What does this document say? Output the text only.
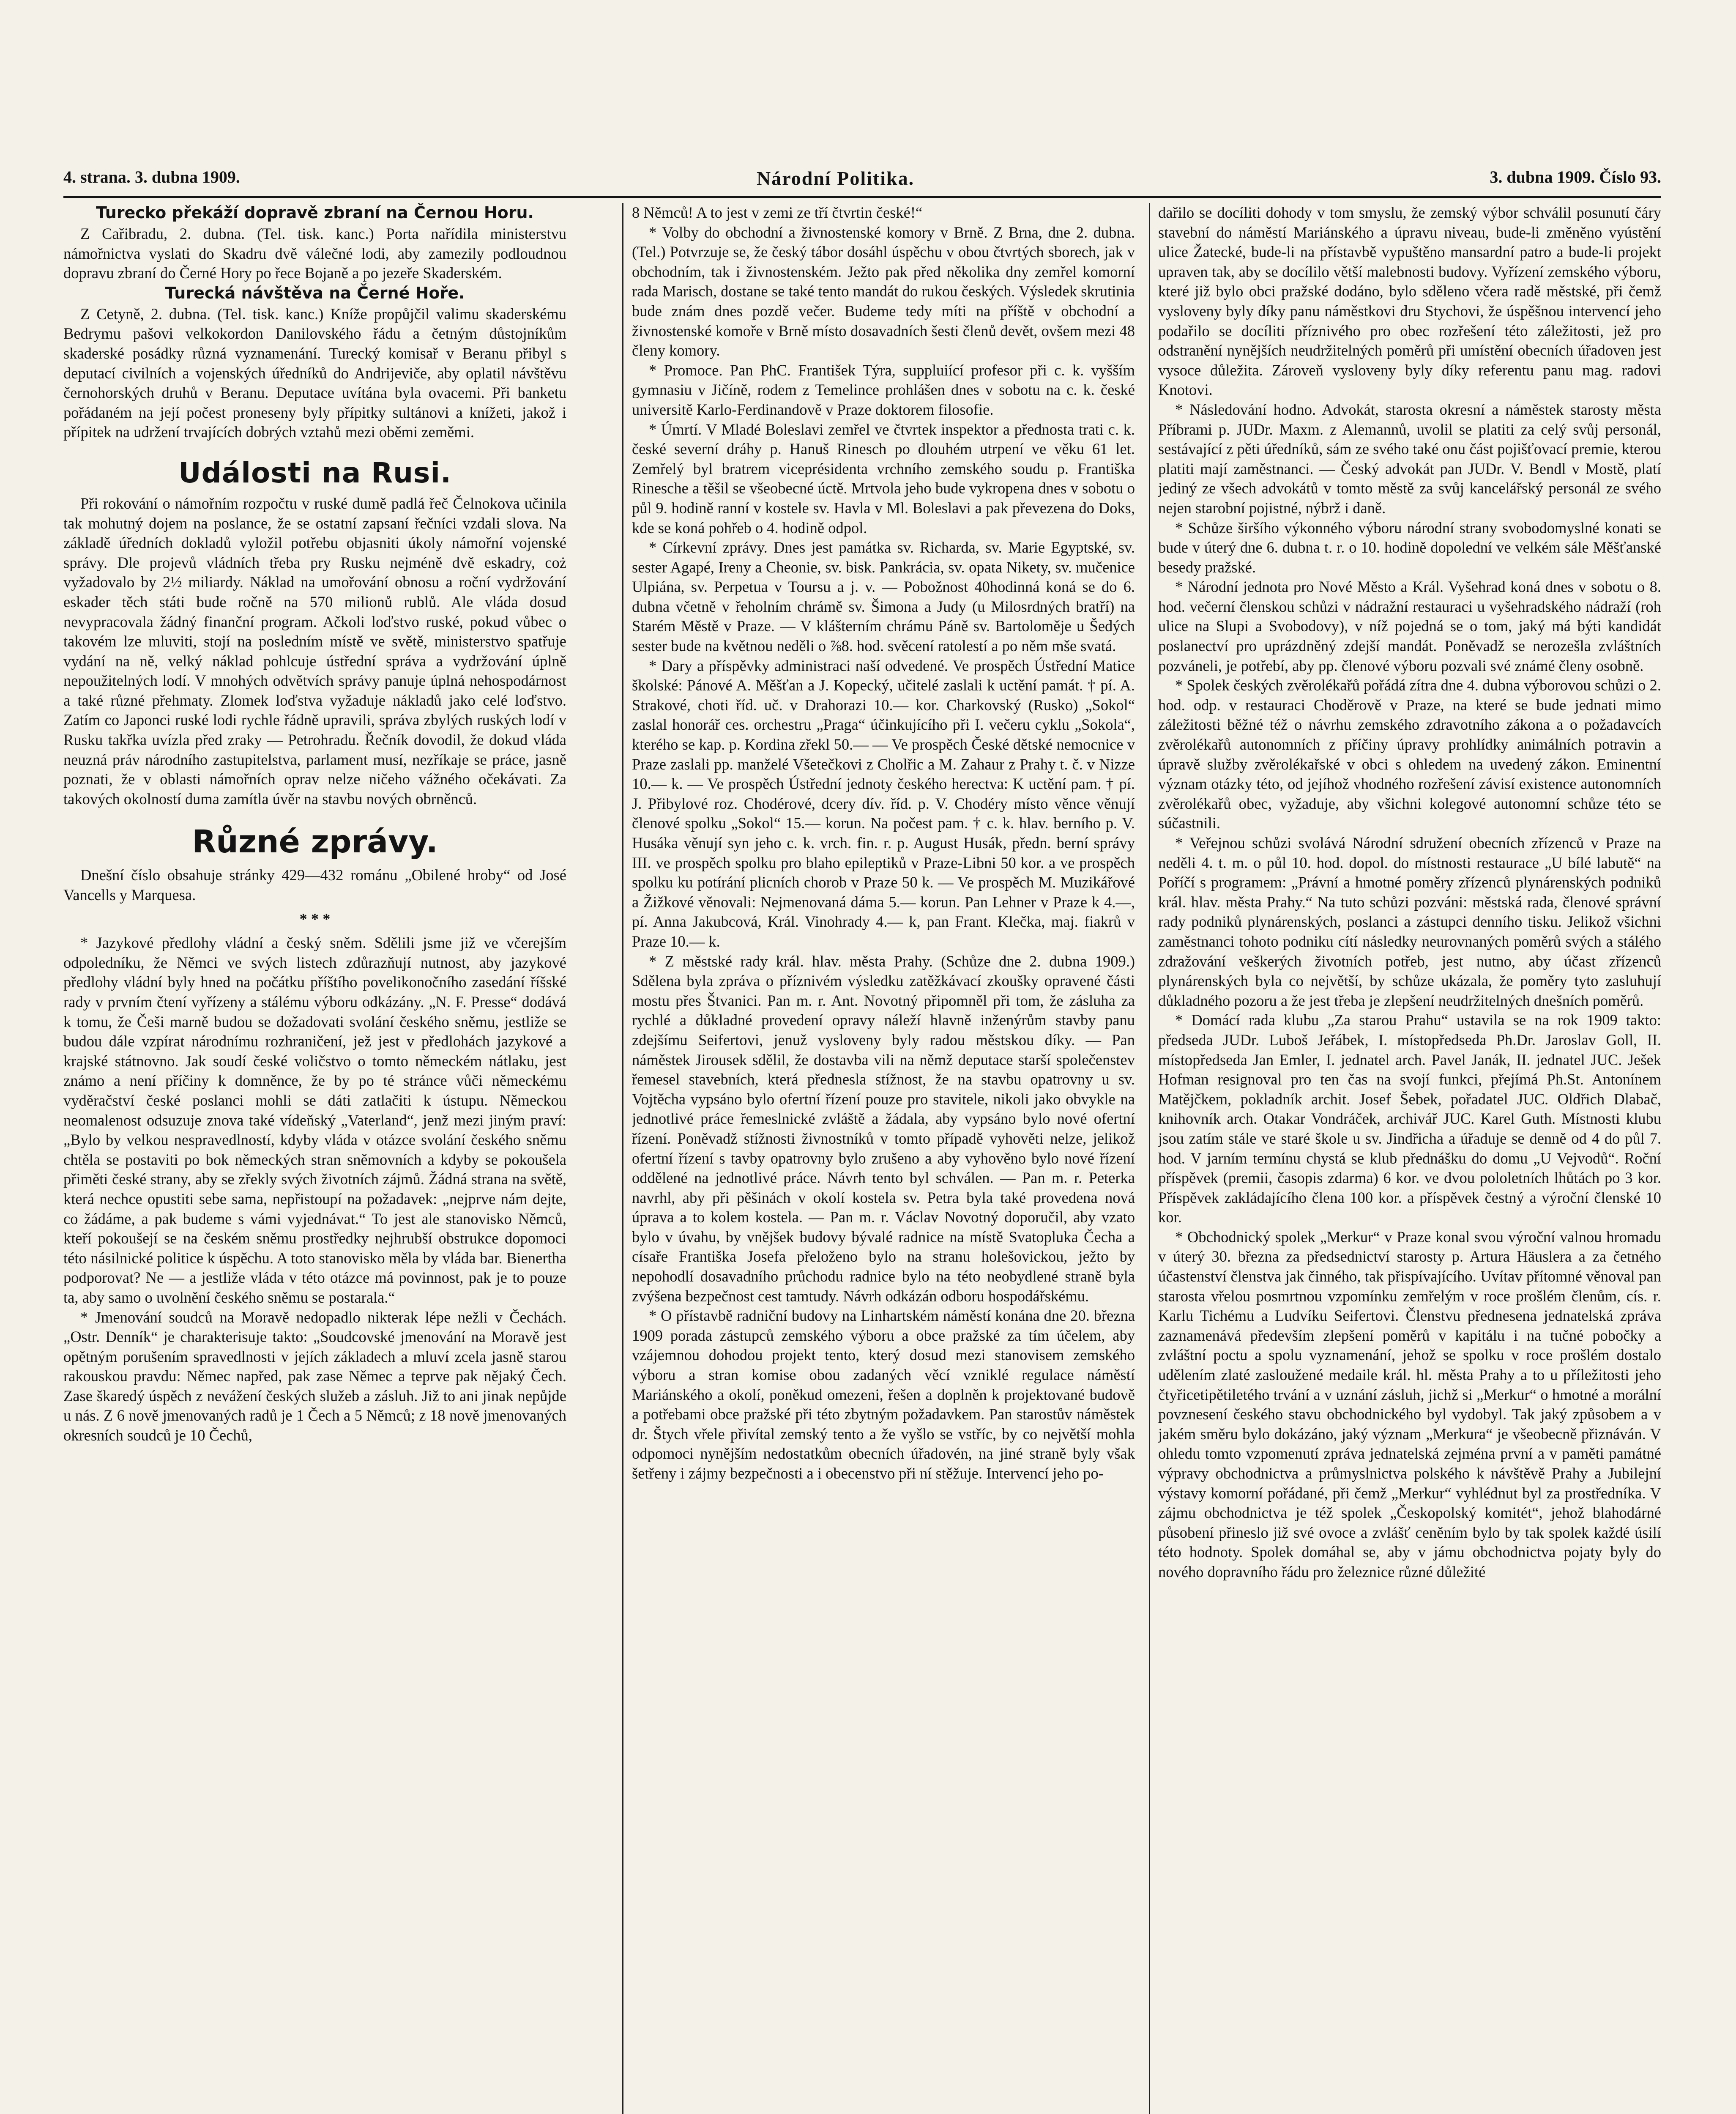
4. strana. 3. dubna 1909.	Národní Politika.	3. dubna 1909. Číslo 93.
Turecko překáží dopravě zbraní na Černou Horu.

Z Cařibradu, 2. dubna. (Tel. tisk. kanc.) Porta nařídila ministerstvu námořnictva vyslati do Skadru dvě válečné lodi, aby zamezily podloudnou dopravu zbraní do Černé Hory po řece Bojaně a po jezeře Skaderském.

Turecká návštěva na Černé Hoře.

Z Cetyně, 2. dubna. (Tel. tisk. kanc.) Kníže propůjčil valimu skaderskému Bedrymu pašovi velkokordon Danilovského řádu a četným důstojníkům skaderské posádky různá vyznamenání. Turecký komisař v Beranu přibyl s deputací civilních a vojenských úředníků do Andrijeviče, aby oplatil návštěvu černohorských druhů v Beranu. Deputace uvítána byla ovacemi. Při banketu pořádaném na její počest proneseny byly přípitky sultánovi a knížeti, jakož i přípitek na udržení trvajících dobrých vztahů mezi oběmi zeměmi.

Události na Rusi.

Při rokování o námořním rozpočtu v ruské dumě padlá řeč Čelnokova učinila tak mohutný dojem na poslance, že se ostatní zapsaní řečníci vzdali slova. Na základě úředních dokladů vyložil potřebu objasniti úkoly námořní vojenské správy. Dle projevů vládních třeba pry Rusku nejméně dvě eskadry, coż vyžadovalo by 2½ miliardy. Náklad na umořování obnosu a roční vydržování eskader těch státi bude ročně na 570 milionů rublů. Ale vláda dosud nevypracovala žádný finanční program. Ačkoli loďstvo ruské, pokud vůbec o takovém lze mluviti, stojí na posledním místě ve světě, ministerstvo spatřuje vydání na ně, velký náklad pohlcuje ústřední správa a vydržování úplně nepoužitelných lodí. V mnohých odvětvích správy panuje úplná nehospodárnost a také různé přehmaty. Zlomek loďstva vyžaduje nákladů jako celé loďstvo. Zatím co Japonci ruské lodi rychle řádně upravili, správa zbylých ruských lodí v Rusku takřka uvízla před zraky — Petrohradu. Řečník dovodil, že dokud vláda neuzná práv národního zastupitelstva, parlament musí, nezříkaje se práce, jasně poznati, že v oblasti námořních oprav nelze ničeho vážného očekávati. Za takových okolností duma zamítla úvěr na stavbu nových obrněnců.

Různé zprávy.

Dnešní číslo obsahuje stránky 429—432 románu „Obilené hroby“ od José Vancells y Marquesa.

* * *

* Jazykové předlohy vládní a český sněm. Sdělili jsme již ve včerejším odpoledníku, že Němci ve svých listech zdůrazňují nutnost, aby jazykové předlohy vládní byly hned na počátku příštího povelikonočního zasedání říšské rady v prvním čtení vyřízeny a stálému výboru odkázány. „N. F. Presse“ dodává k tomu, že Češi marně budou se dožadovati svolání českého sněmu, jestliže se budou dále vzpírat národnímu rozhraničení, jež jest v předlohách jazykové a krajské státnovno. Jak soudí české voličstvo o tomto německém nátlaku, jest známo a není příčiny k domněnce, že by po té stránce vůči německému vyděračství české poslanci mohli se dáti zatlačiti k ústupu. Německou neomalenost odsuzuje znova také vídeňský „Vaterland“, jenž mezi jiným praví: „Bylo by velkou nespravedlností, kdyby vláda v otázce svolání českého sněmu chtěla se postaviti po bok německých stran sněmovních a kdyby se pokoušela přiměti české strany, aby se zřekly svých životních zájmů. Žádná strana na světě, která nechce opustiti sebe sama, nepřistoupí na požadavek: „nejprve nám dejte, co žádáme, a pak budeme s vámi vyjednávat.“ To jest ale stanovisko Němců, kteří pokoušejí se na českém sněmu prostředky nejhrubší obstrukce dopomoci této násilnické politice k úspěchu. A toto stanovisko měla by vláda bar. Bienertha podporovat? Ne — a jestliže vláda v této otázce má povinnost, pak je to pouze ta, aby samo o uvolnění českého sněmu se postarala.“

* Jmenování soudců na Moravě nedopadlo nikterak lépe nežli v Čechách. „Ostr. Denník“ je charakterisuje takto: „Soudcovské jmenování na Moravě jest opětným porušením spravedlnosti v jejích základech a mluví zcela jasně starou rakouskou pravdu: Němec napřed, pak zase Němec a teprve pak nějaký Čech. Zase škaredý úspěch z nevážení českých služeb a zásluh. Již to ani jinak nepůjde u nás. Z 6 nově jmenovaných radů je 1 Čech a 5 Němců; z 18 nově jmenovaných okresních soudců je 10 Čechů,

8 Němců! A to jest v zemi ze tří čtvrtin české!“

* Volby do obchodní a živnostenské komory v Brně. Z Brna, dne 2. dubna. (Tel.) Potvrzuje se, že český tábor dosáhl úspěchu v obou čtvrtých sborech, jak v obchodním, tak i živnostenském. Ježto pak před několika dny zemřel komorní rada Marisch, dostane se také tento mandát do rukou českých. Výsledek skrutinia bude znám dnes pozdě večer. Budeme tedy míti na příště v obchodní a živnostenské komoře v Brně místo dosavadních šesti členů devět, ovšem mezi 48 členy komory.

* Promoce. Pan PhC. František Týra, suppluiící profesor při c. k. vyšším gymnasiu v Jičíně, rodem z Temelince prohlášen dnes v sobotu na c. k. české universitě Karlo-Ferdinandově v Praze doktorem filosofie.

* Úmrtí. V Mladé Boleslavi zemřel ve čtvrtek inspektor a přednosta trati c. k. české severní dráhy p. Hanuš Rinesch po dlouhém utrpení ve věku 61 let. Zemřelý byl bratrem viceprésidenta vrchního zemského soudu p. Františka Rinesche a těšil se všeobecné úctě. Mrtvola jeho bude vykropena dnes v sobotu o půl 9. hodině ranní v kostele sv. Havla v Ml. Boleslavi a pak převezena do Doks, kde se koná pohřeb o 4. hodině odpol.

* Církevní zprávy. Dnes jest památka sv. Richarda, sv. Marie Egyptské, sv. sester Agapé, Ireny a Cheonie, sv. bisk. Pankrácia, sv. opata Nikety, sv. mučenice Ulpiána, sv. Perpetua v Toursu a j. v. — Pobožnost 40hodinná koná se do 6. dubna včetně v řeholním chrámě sv. Šimona a Judy (u Milosrdných bratří) na Starém Městě v Praze. — V klášterním chrámu Páně sv. Bartoloměje u Šedých sester bude na květnou neděli o ⅞8. hod. svěcení ratolestí a po něm mše svatá.

* Dary a příspěvky administraci naší odvedené. Ve prospěch Ústřední Matice školské: Pánové A. Měšťan a J. Kopecký, učitelé zaslali k uctění památ. † pí. A. Strakové, choti říd. uč. v Drahorazi 10.— kor. Charkovský (Rusko) „Sokol“ zaslal honorář ces. orchestru „Praga“ účinkujícího při I. večeru cyklu „Sokola“, kterého se kap. p. Kordina zřekl 50.— — Ve prospěch České dětské nemocnice v Praze zaslali pp. manželé Všetečkovi z Cholřic a M. Zahaur z Prahy t. č. v Nizze 10.— k. — Ve prospěch Ústřední jednoty českého herectva: K uctění pam. † pí. J. Přibylové roz. Chodérové, dcery dív. říd. p. V. Chodéry místo věnce věnují členové spolku „Sokol“ 15.— korun. Na počest pam. † c. k. hlav. berního p. V. Husáka věnují syn jeho c. k. vrch. fin. r. p. August Husák, předn. berní správy III. ve prospěch spolku pro blaho epileptiků v Praze-Libni 50 kor. a ve prospěch spolku ku potírání plicních chorob v Praze 50 k. — Ve prospěch M. Muzikářové a Žižkové věnovali: Nejmenovaná dáma 5.— korun. Pan Lehner v Praze k 4.—, pí. Anna Jakubcová, Král. Vinohrady 4.— k, pan Frant. Klečka, maj. fiakrů v Praze 10.— k.

* Z městské rady král. hlav. města Prahy. (Schůze dne 2. dubna 1909.) Sdělena byla zpráva o příznivém výsledku zatěžkávací zkoušky opravené části mostu přes Štvanici. Pan m. r. Ant. Novotný připomněl při tom, že zásluha za rychlé a důkladné provedení opravy náleží hlavně inženýrům stavby panu zdejšímu Seifertovi, jenuž vysloveny byly radou městskou díky. — Pan náměstek Jirousek sdělil, že dostavba vili na němž deputace starší společenstev řemesel stavebních, která přednesla stížnost, že na stavbu opatrovny u sv. Vojtěcha vypsáno bylo ofertní řízení pouze pro stavitele, nikoli jako obvykle na jednotlivé práce řemeslnické zvláště a žádala, aby vypsáno bylo nové ofertní řízení. Poněvadž stížnosti živnostníků v tomto případě vyhověti nelze, jelikož ofertní řízení s tavby opatrovny bylo zrušeno a aby vyhověno bylo nové řízení oddělené na jednotlivé práce. Návrh tento byl schválen. — Pan m. r. Peterka navrhl, aby při pěšinách v okolí kostela sv. Petra byla také provedena nová úprava a to kolem kostela. — Pan m. r. Václav Novotný doporučil, aby vzato bylo v úvahu, by vnějšek budovy bývalé radnice na místě Svatopluka Čecha a císaře Františka Josefa přeloženo bylo na stranu holešovickou, ježto by nepohodlí dosavadního průchodu radnice bylo na této neobydlené straně byla zvýšena bezpečnost cest tamtudy. Návrh odkázán odboru hospodářskému.

* O přístavbě radniční budovy na Linhartském náměstí konána dne 20. března 1909 porada zástupců zemského výboru a obce pražské za tím účelem, aby vzájemnou dohodou projekt tento, který dosud mezi stanovisem zemského výboru a stran komise obou zadaných věcí vzniklé regulace náměstí Mariánského a okolí, poněkud omezeni, řešen a doplněn k projektované budově a potřebami obce pražské při této zbytným požadavkem. Pan starostův náměstek dr. Štych vřele přivítal zemský tento a že vyšlo se vstříc, by co největší mohla odpomoci nynějším nedostatkům obecních úřadovén, na jiné straně byly však šetřeny i zájmy bezpečnosti a i obecenstvo při ní stěžuje. Intervencí jeho po-

dařilo se docíliti dohody v tom smyslu, že zemský výbor schválil posunutí čáry stavební do náměstí Mariánského a úpravu niveau, bude-li změněno vyústění ulice Žatecké, bude-li na přístavbě vypuštěno mansardní patro a bude-li projekt upraven tak, aby se docílilo větší malebnosti budovy. Vyřízení zemského výboru, které již bylo obci pražské dodáno, bylo sděleno včera radě městské, při čemž vysloveny byly díky panu náměstkovi dru Stychovi, že úspěšnou intervencí jeho podařilo se docíliti příznivého pro obec rozřešení této záležitosti, jež pro odstranění nynějších neudržitelných poměrů při umístění obecních úřadoven jest vysoce důležita. Zároveň vysloveny byly díky referentu panu mag. radovi Knotovi.

* Následování hodno. Advokát, starosta okresní a náměstek starosty města Příbrami p. JUDr. Maxm. z Alemannů, uvolil se platiti za celý svůj personál, sestávající z pěti úředníků, sám ze svého také onu část pojišťovací premie, kterou platiti mají zaměstnanci. — Český advokát pan JUDr. V. Bendl v Mostě, platí jediný ze všech advokátů v tomto městě za svůj kancelářský personál ze svého nejen starobní pojistné, nýbrž i daně.

* Schůze širšího výkonného výboru národní strany svobodomyslné konati se bude v úterý dne 6. dubna t. r. o 10. hodině dopolední ve velkém sále Měšťanské besedy pražské.

* Národní jednota pro Nové Město a Král. Vyšehrad koná dnes v sobotu o 8. hod. večerní členskou schůzi v nádražní restauraci u vyšehradského nádraží (roh ulice na Slupi a Svobodovy), v níž pojedná se o tom, jaký má býti kandidát poslanectví pro uprázdněný zdejší mandát. Poněvadž se nerozešla zvláštních pozváneli, je potřebí, aby pp. členové výboru pozvali své známé členy osobně.

* Spolek českých zvěrolékařů pořádá zítra dne 4. dubna výborovou schůzi o 2. hod. odp. v restauraci Choděrově v Praze, na které se bude jednati mimo záležitosti běžné též o návrhu zemského zdravotního zákona a o požadavcích zvěrolékařů autonomních z příčiny úpravy prohlídky animálních potravin a úpravě služby zvěrolékařské v obci s ohledem na uvedený zákon. Eminentní význam otázky této, od jejíhož vhodného rozřešení závisí existence autonomních zvěrolékařů obec, vyžaduje, aby všichni kolegové autonomní schůze této se súčastnili.

* Veřejnou schůzi svolává Národní sdružení obecních zřízenců v Praze na neděli 4. t. m. o půl 10. hod. dopol. do místnosti restaurace „U bílé labutě“ na Poříčí s programem: „Právní a hmotné poměry zřízenců plynárenských podniků král. hlav. města Prahy.“ Na tuto schůzi pozváni: městská rada, členové správní rady podniků plynárenských, poslanci a zástupci denního tisku. Jelikož všichni zaměstnanci tohoto podniku cítí následky neurovnaných poměrů svých a stálého zdražování veškerých životních potřeb, jest nutno, aby účast zřízenců plynárenských byla co největší, by schůze ukázala, že poměry tyto zasluhují důkladného pozoru a že jest třeba je zlepšení neudržitelných dnešních poměrů.

* Domácí rada klubu „Za starou Prahu“ ustavila se na rok 1909 takto: předseda JUDr. Luboš Jeřábek, I. místopředseda Ph.Dr. Jaroslav Goll, II. místopředseda Jan Emler, I. jednatel arch. Pavel Janák, II. jednatel JUC. Ješek Hofman resignoval pro ten čas na svojí funkci, přejímá Ph.St. Antonínem Matějčkem, pokladník archit. Josef Šebek, pořadatel JUC. Oldřich Dlabač, knihovník arch. Otakar Vondráček, archivář JUC. Karel Guth. Místnosti klubu jsou zatím stále ve staré škole u sv. Jindřicha a úřaduje se denně od 4 do půl 7. hod. V jarním termínu chystá se klub přednášku do domu „U Vejvodů“. Roční příspěvek (premii, časopis zdarma) 6 kor. ve dvou pololetních lhůtách po 3 kor. Příspěvek zakládajícího člena 100 kor. a příspěvek čestný a výroční členské 10 kor.

* Obchodnický spolek „Merkur“ v Praze konal svou výroční valnou hromadu v úterý 30. března za předsednictví starosty p. Artura Häuslera a za četného účastenství členstva jak činného, tak přispívajícího. Uvítav přítomné věnoval pan starosta vřelou posmrtnou vzpomínku zemřelým v roce prošlém členům, cís. r. Karlu Tichému a Ludvíku Seifertovi. Členstvu přednesena jednatelská zpráva zaznamenává především zlepšení poměrů v kapitálu i na tučné pobočky a zvláštní poctu a spolu vyznamenání, jehož se spolku v roce prošlém dostalo udělením zlaté zasloužené medaile král. hl. města Prahy a to u příležitosti jeho čtyřicetipětiletého trvání a v uznání zásluh, jichž si „Merkur“ o hmotné a morální povznesení českého stavu obchodnického byl vydobyl. Tak jaký způsobem a v jakém směru bylo dokázáno, jaký význam „Merkura“ je všeobecně přiznáván. V ohledu tomto vzpomenutí zpráva jednatelská zejména první a v paměti památné výpravy obchodnictva a průmyslnictva polského k návštěvě Prahy a Jubilejní výstavy komorní pořádané, při čemž „Merkur“ vyhlédnut byl za prostředníka. V zájmu obchodnictva je též spolek „Českopolský komitét“, jehož blahodárné působení přineslo již své ovoce a zvlášť ceněním bylo by tak spolek každé úsilí této hodnoty. Spolek domáhal se, aby v jámu obchodnictva pojaty byly do nového dopravního řádu pro železnice různé důležité
